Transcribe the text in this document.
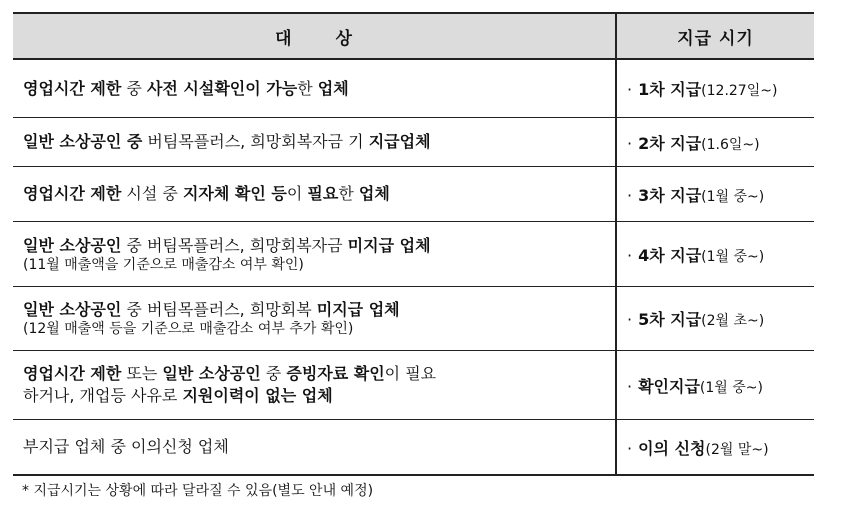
대 상	지급 시기

영업시간 제한 중 사전 시설확인이 가능한 업체	· 1차 지급(12.27일~)

일반 소상공인 중 버팀목플러스, 희망회복자금 기 지급업체	· 2차 지급(1.6일~)

영업시간 제한 시설 중 지자체 확인 등이 필요한 업체	· 3차 지급(1월 중~)

일반 소상공인 중 버팀목플러스, 희망회복자금 미지급 업체
(11월 매출액을 기준으로 매출감소 여부 확인)	· 4차 지급(1월 중~)

일반 소상공인 중 버팀목플러스, 희망회복 미지급 업체
(12월 매출액 등을 기준으로 매출감소 여부 추가 확인)	· 5차 지급(2월 초~)

영업시간 제한 또는 일반 소상공인 중 증빙자료 확인이 필요
하거나, 개업등 사유로 지원이력이 없는 업체	· 확인지급(1월 중~)

부지급 업체 중 이의신청 업체	· 이의 신청(2월 말~)
* 지급시기는 상황에 따라 달라질 수 있음(별도 안내 예정)
